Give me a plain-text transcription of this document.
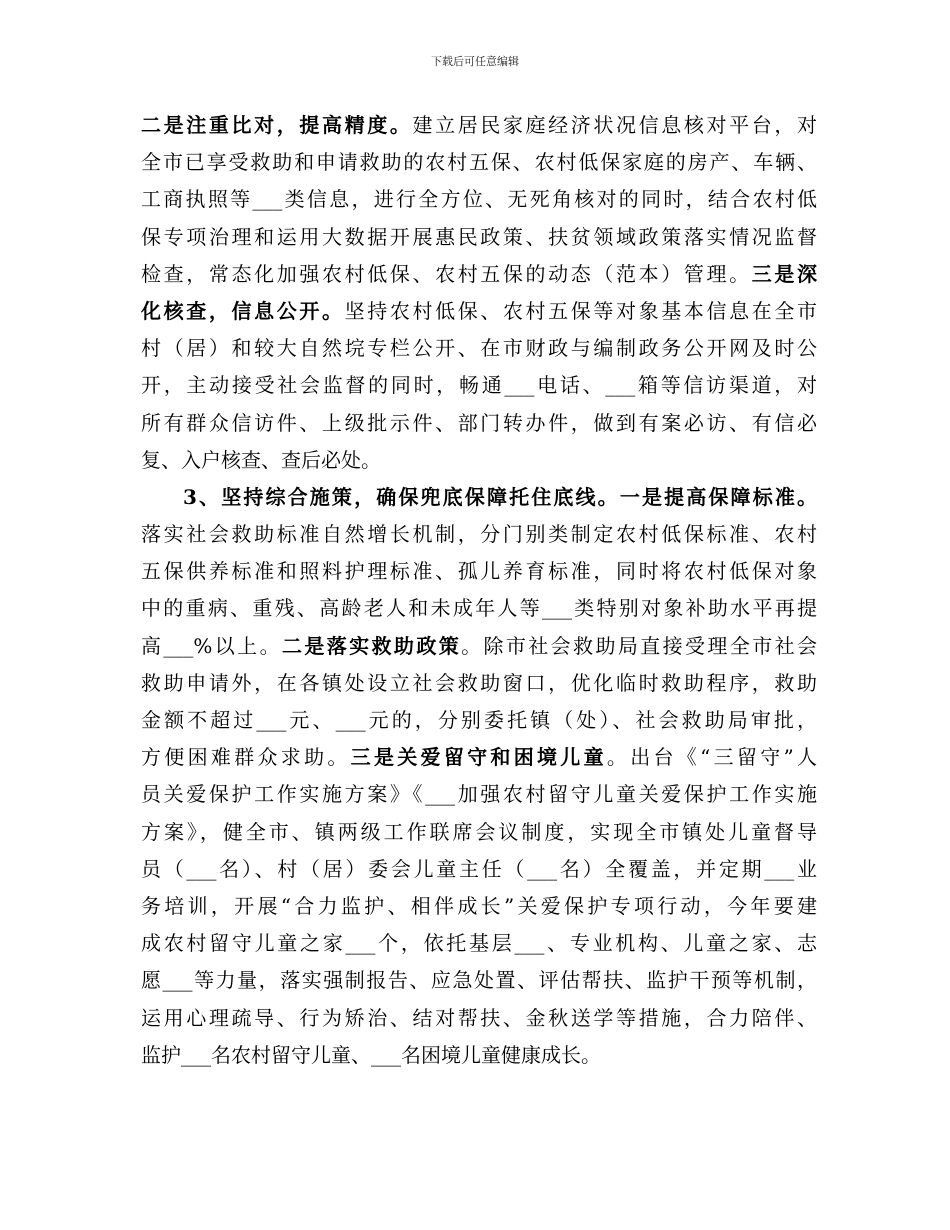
下载后可任意编辑
二是注重比对，提高精度。建立居民家庭经济状况信息核对平台，对
全市已享受救助和申请救助的农村五保、农村低保家庭的房产、车辆、
工商执照等___类信息，进行全方位、无死角核对的同时，结合农村低
保专项治理和运用大数据开展惠民政策、扶贫领域政策落实情况监督
检查，常态化加强农村低保、农村五保的动态（范本）管理。三是深
化核查，信息公开。坚持农村低保、农村五保等对象基本信息在全市
村（居）和较大自然垸专栏公开、在市财政与编制政务公开网及时公
开，主动接受社会监督的同时，畅通___电话、___箱等信访渠道，对
所有群众信访件、上级批示件、部门转办件，做到有案必访、有信必
复、入户核查、查后必处。
3、坚持综合施策，确保兜底保障托住底线。一是提高保障标准。
落实社会救助标准自然增长机制，分门别类制定农村低保标准、农村
五保供养标准和照料护理标准、孤儿养育标准，同时将农村低保对象
中的重病、重残、高龄老人和未成年人等___类特别对象补助水平再提
高___%以上。二是落实救助政策。除市社会救助局直接受理全市社会
救助申请外，在各镇处设立社会救助窗口，优化临时救助程序，救助
金额不超过___元、___元的，分别委托镇（处）、社会救助局审批，
方便困难群众求助。三是关爱留守和困境儿童。出台《“三留守”人
员关爱保护工作实施方案》《___加强农村留守儿童关爱保护工作实施
方案》，健全市、镇两级工作联席会议制度，实现全市镇处儿童督导
员（___名）、村（居）委会儿童主任（___名）全覆盖，并定期___业
务培训，开展“合力监护、相伴成长”关爱保护专项行动，今年要建
成农村留守儿童之家___个，依托基层___、专业机构、儿童之家、志
愿___等力量，落实强制报告、应急处置、评估帮扶、监护干预等机制，
运用心理疏导、行为矫治、结对帮扶、金秋送学等措施，合力陪伴、
监护___名农村留守儿童、___名困境儿童健康成长。
